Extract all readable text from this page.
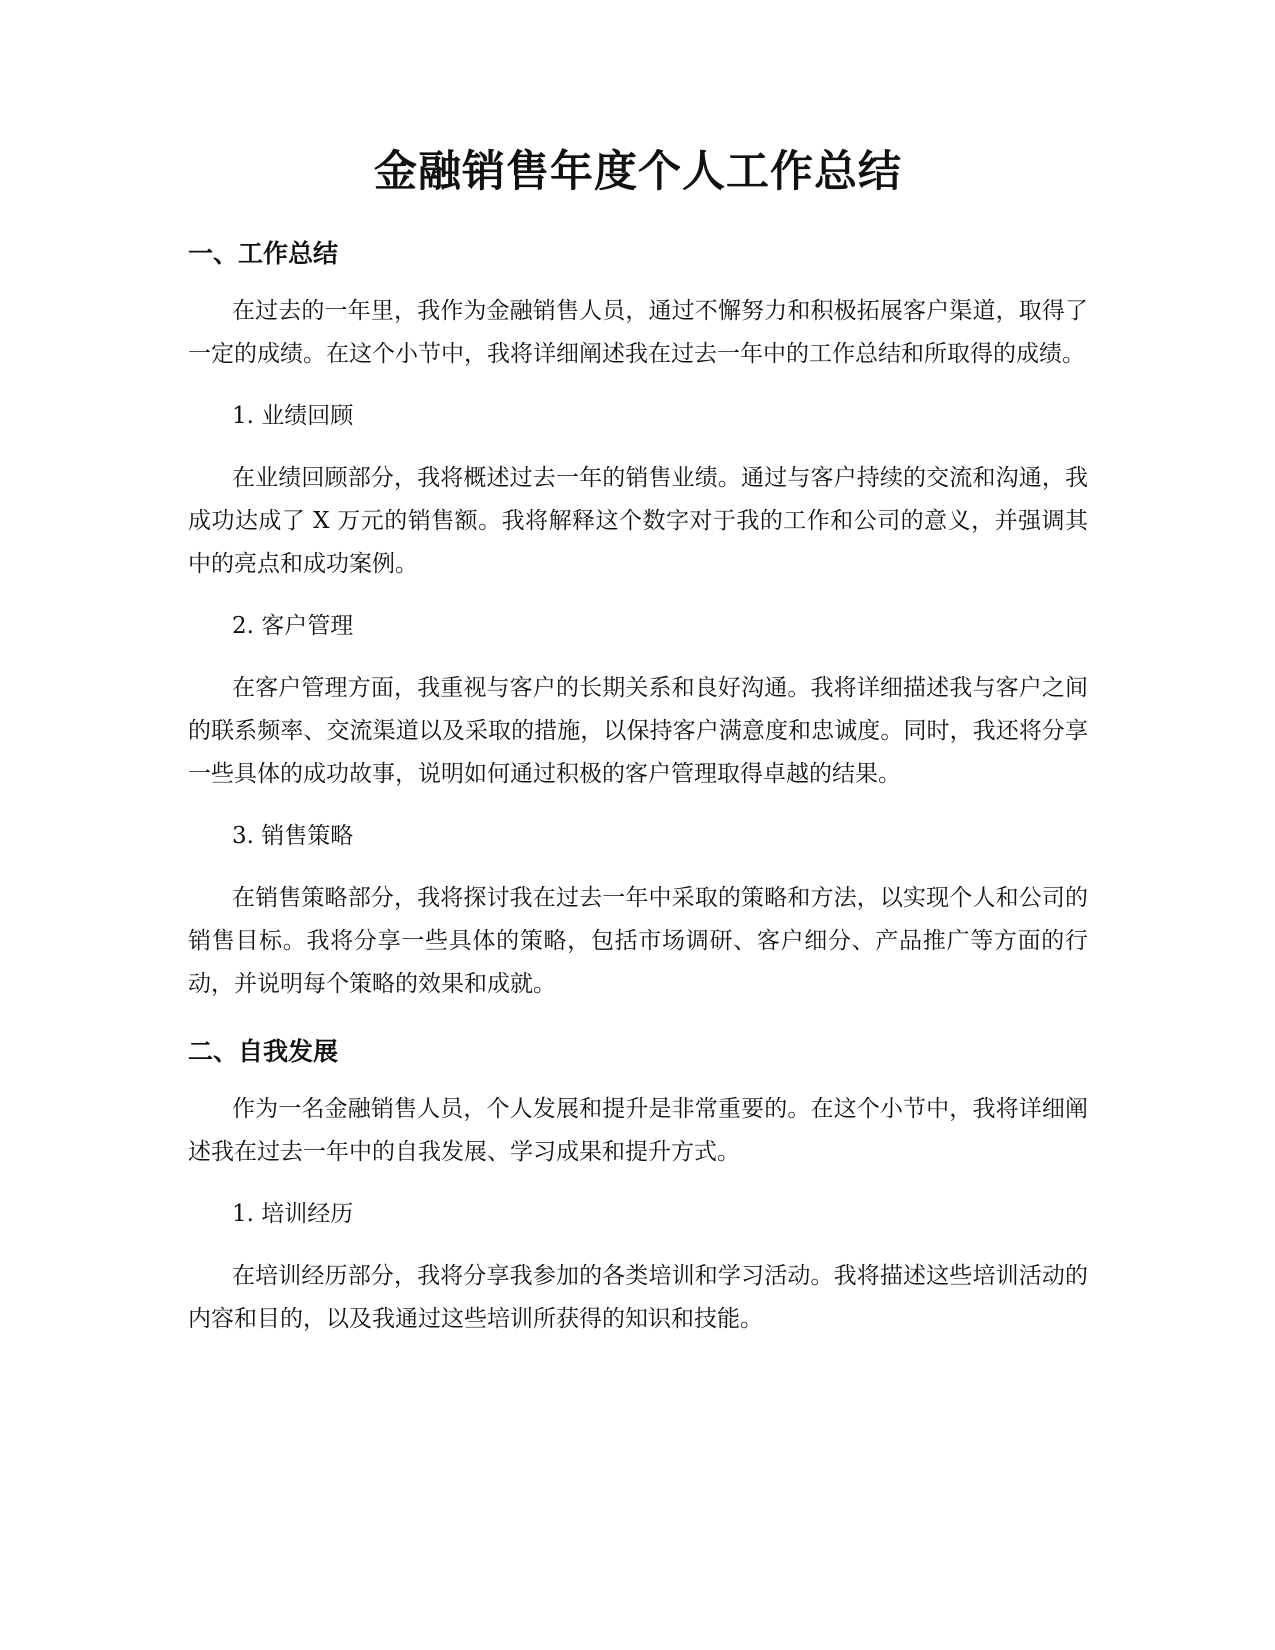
金融销售年度个人工作总结
一、工作总结

在过去的一年里，我作为金融销售人员，通过不懈努力和积极拓展客户渠道，取得了一定的成绩。在这个小节中，我将详细阐述我在过去一年中的工作总结和所取得的成绩。

1. 业绩回顾

在业绩回顾部分，我将概述过去一年的销售业绩。通过与客户持续的交流和沟通，我成功达成了 X 万元的销售额。我将解释这个数字对于我的工作和公司的意义，并强调其中的亮点和成功案例。

2. 客户管理

在客户管理方面，我重视与客户的长期关系和良好沟通。我将详细描述我与客户之间的联系频率、交流渠道以及采取的措施，以保持客户满意度和忠诚度。同时，我还将分享一些具体的成功故事，说明如何通过积极的客户管理取得卓越的结果。

3. 销售策略

在销售策略部分，我将探讨我在过去一年中采取的策略和方法，以实现个人和公司的销售目标。我将分享一些具体的策略，包括市场调研、客户细分、产品推广等方面的行动，并说明每个策略的效果和成就。

二、自我发展

作为一名金融销售人员，个人发展和提升是非常重要的。在这个小节中，我将详细阐述我在过去一年中的自我发展、学习成果和提升方式。

1. 培训经历

在培训经历部分，我将分享我参加的各类培训和学习活动。我将描述这些培训活动的内容和目的，以及我通过这些培训所获得的知识和技能。
